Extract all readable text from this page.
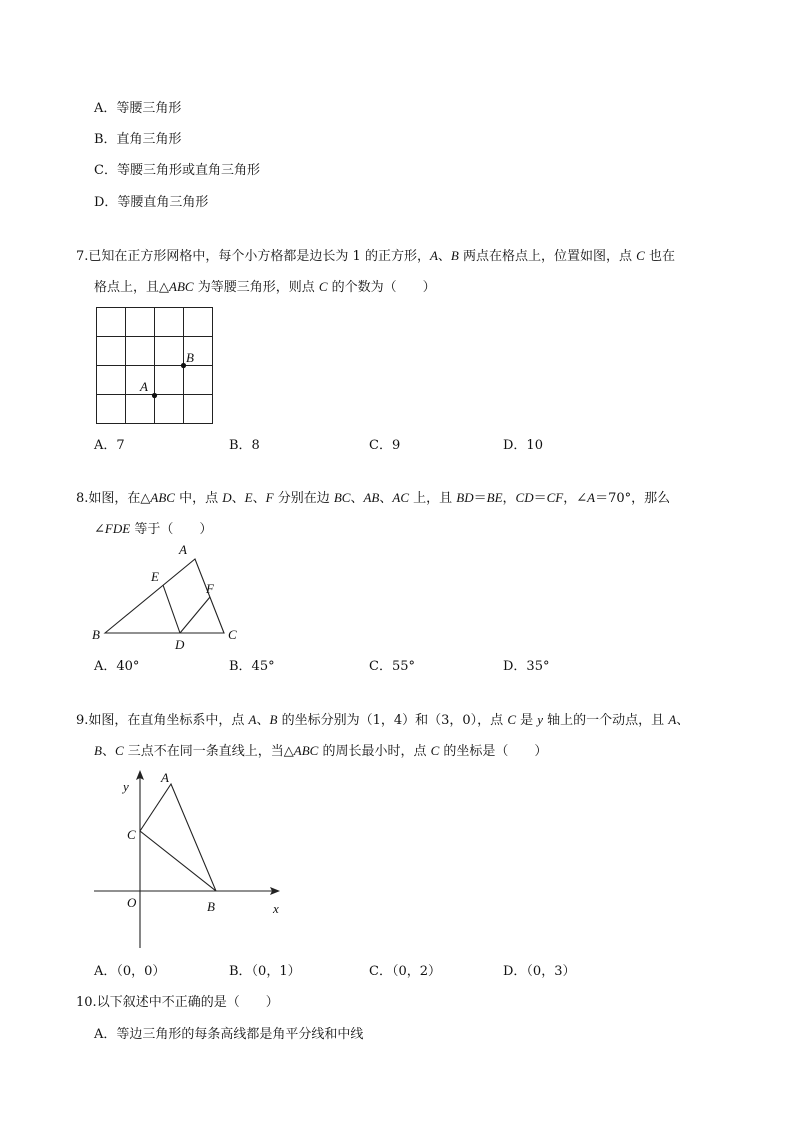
A．等腰三角形
B．直角三角形
C．等腰三角形或直角三角形
D．等腰直角三角形
7.已知在正方形网格中，每个小方格都是边长为 1 的正方形，A、B 两点在格点上，位置如图，点 C 也在
格点上，且△ABC 为等腰三角形，则点 C 的个数为（　　）
B
A
A．7	B．8	C．9	D．10
8.如图，在△ABC 中，点 D、E、F 分别在边 BC、AB、AC 上，且 BD＝BE，CD＝CF，∠A＝70°，那么
∠FDE 等于（　　）
A
E
F
B
D
C
A．40°	B．45°	C．55°	D．35°
9.如图，在直角坐标系中，点 A、B 的坐标分别为（1，4）和（3，0），点 C 是 y 轴上的一个动点，且 A、
B、C 三点不在同一条直线上，当△ABC 的周长最小时，点 C 的坐标是（　　）
y
A
C
O	B	x
A．（0，0）	B．（0，1）	C．（0，2）	D．（0，3）
10.以下叙述中不正确的是（　　）
A．等边三角形的每条高线都是角平分线和中线
